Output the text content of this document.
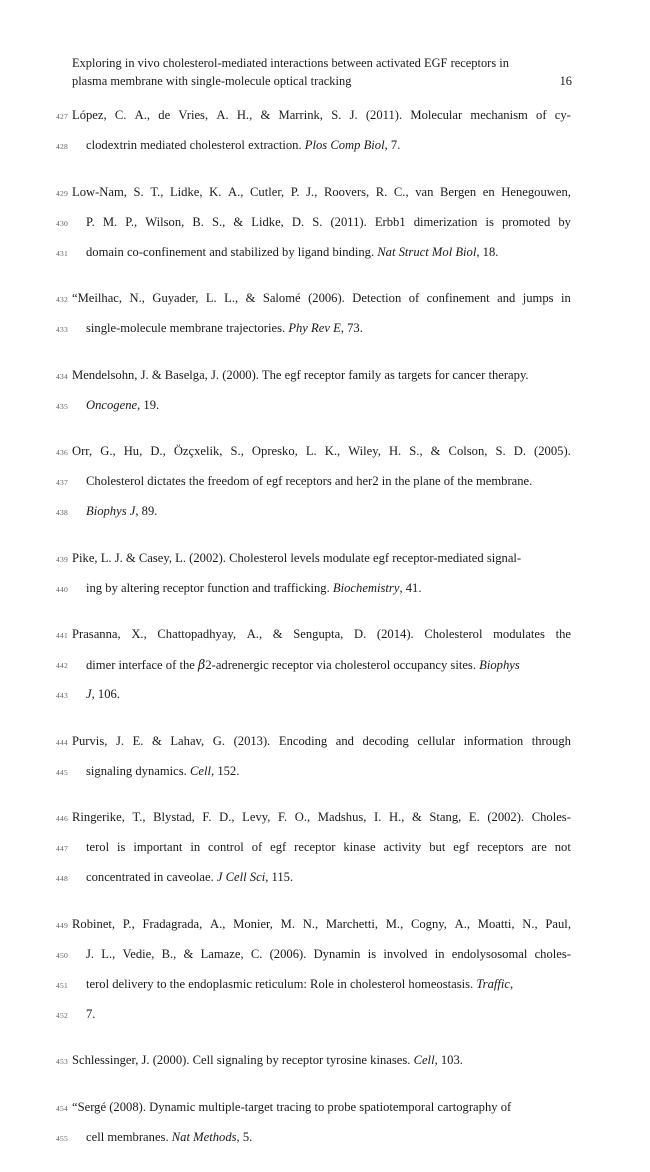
Exploring in vivo cholesterol-mediated interactions between activated EGF receptors in
plasma membrane with single-molecule optical tracking	16
427 López, C. A., de Vries, A. H., & Marrink, S. J. (2011). Molecular mechanism of cy-
428 clodextrin mediated cholesterol extraction. Plos Comp Biol, 7.
429 Low-Nam, S. T., Lidke, K. A., Cutler, P. J., Roovers, R. C., van Bergen en Henegouwen,
430 P. M. P., Wilson, B. S., & Lidke, D. S. (2011). Erbb1 dimerization is promoted by
431 domain co-confinement and stabilized by ligand binding. Nat Struct Mol Biol, 18.
432 “Meilhac, N., Guyader, L. L., & Salomé (2006). Detection of confinement and jumps in
433 single-molecule membrane trajectories. Phy Rev E, 73.
434 Mendelsohn, J. & Baselga, J. (2000). The egf receptor family as targets for cancer therapy.
435 Oncogene, 19.
436 Orr, G., Hu, D., Özçxelik, S., Opresko, L. K., Wiley, H. S., & Colson, S. D. (2005).
437 Cholesterol dictates the freedom of egf receptors and her2 in the plane of the membrane.
438 Biophys J, 89.
439 Pike, L. J. & Casey, L. (2002). Cholesterol levels modulate egf receptor-mediated signal-
440 ing by altering receptor function and trafficking. Biochemistry, 41.
441 Prasanna, X., Chattopadhyay, A., & Sengupta, D. (2014). Cholesterol modulates the
442 dimer interface of the β2-adrenergic receptor via cholesterol occupancy sites. Biophys
443 J, 106.
444 Purvis, J. E. & Lahav, G. (2013). Encoding and decoding cellular information through
445 signaling dynamics. Cell, 152.
446 Ringerike, T., Blystad, F. D., Levy, F. O., Madshus, I. H., & Stang, E. (2002). Choles-
447 terol is important in control of egf receptor kinase activity but egf receptors are not
448 concentrated in caveolae. J Cell Sci, 115.
449 Robinet, P., Fradagrada, A., Monier, M. N., Marchetti, M., Cogny, A., Moatti, N., Paul,
450 J. L., Vedie, B., & Lamaze, C. (2006). Dynamin is involved in endolysosomal choles-
451 terol delivery to the endoplasmic reticulum: Role in cholesterol homeostasis. Traffic,
452 7.
453 Schlessinger, J. (2000). Cell signaling by receptor tyrosine kinases. Cell, 103.
454 “Sergé (2008). Dynamic multiple-target tracing to probe spatiotemporal cartography of
455 cell membranes. Nat Methods, 5.
